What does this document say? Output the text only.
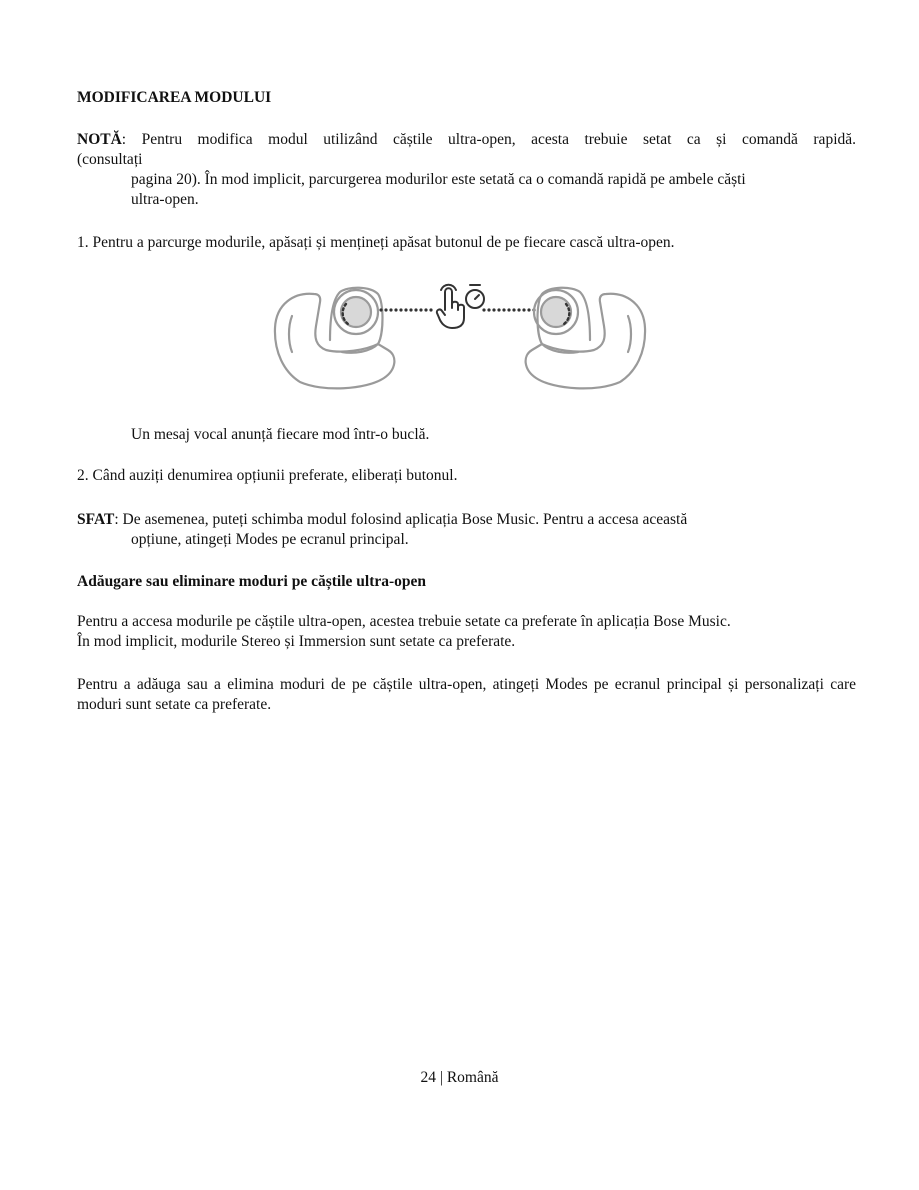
MODIFICAREA MODULUI
NOTĂ: Pentru modifica modul utilizând căștile ultra-open, acesta trebuie setat ca și comandă rapidă.
(consultați
pagina 20). În mod implicit, parcurgerea modurilor este setată ca o comandă rapidă pe ambele căști
ultra-open.
1. Pentru a parcurge modurile, apăsați și mențineți apăsat butonul de pe fiecare cască ultra-open.
Un mesaj vocal anunță fiecare mod într-o buclă.
2. Când auziți denumirea opțiunii preferate, eliberați butonul.
SFAT: De asemenea, puteți schimba modul folosind aplicația Bose Music. Pentru a accesa această
opțiune, atingeți Modes pe ecranul principal.
Adăugare sau eliminare moduri pe căștile ultra-open
Pentru a accesa modurile pe căștile ultra-open, acestea trebuie setate ca preferate în aplicația Bose Music.
În mod implicit, modurile Stereo și Immersion sunt setate ca preferate.
Pentru a adăuga sau a elimina moduri de pe căștile ultra-open, atingeți Modes pe ecranul principal și personalizați care moduri sunt setate ca preferate.
24 | Română
